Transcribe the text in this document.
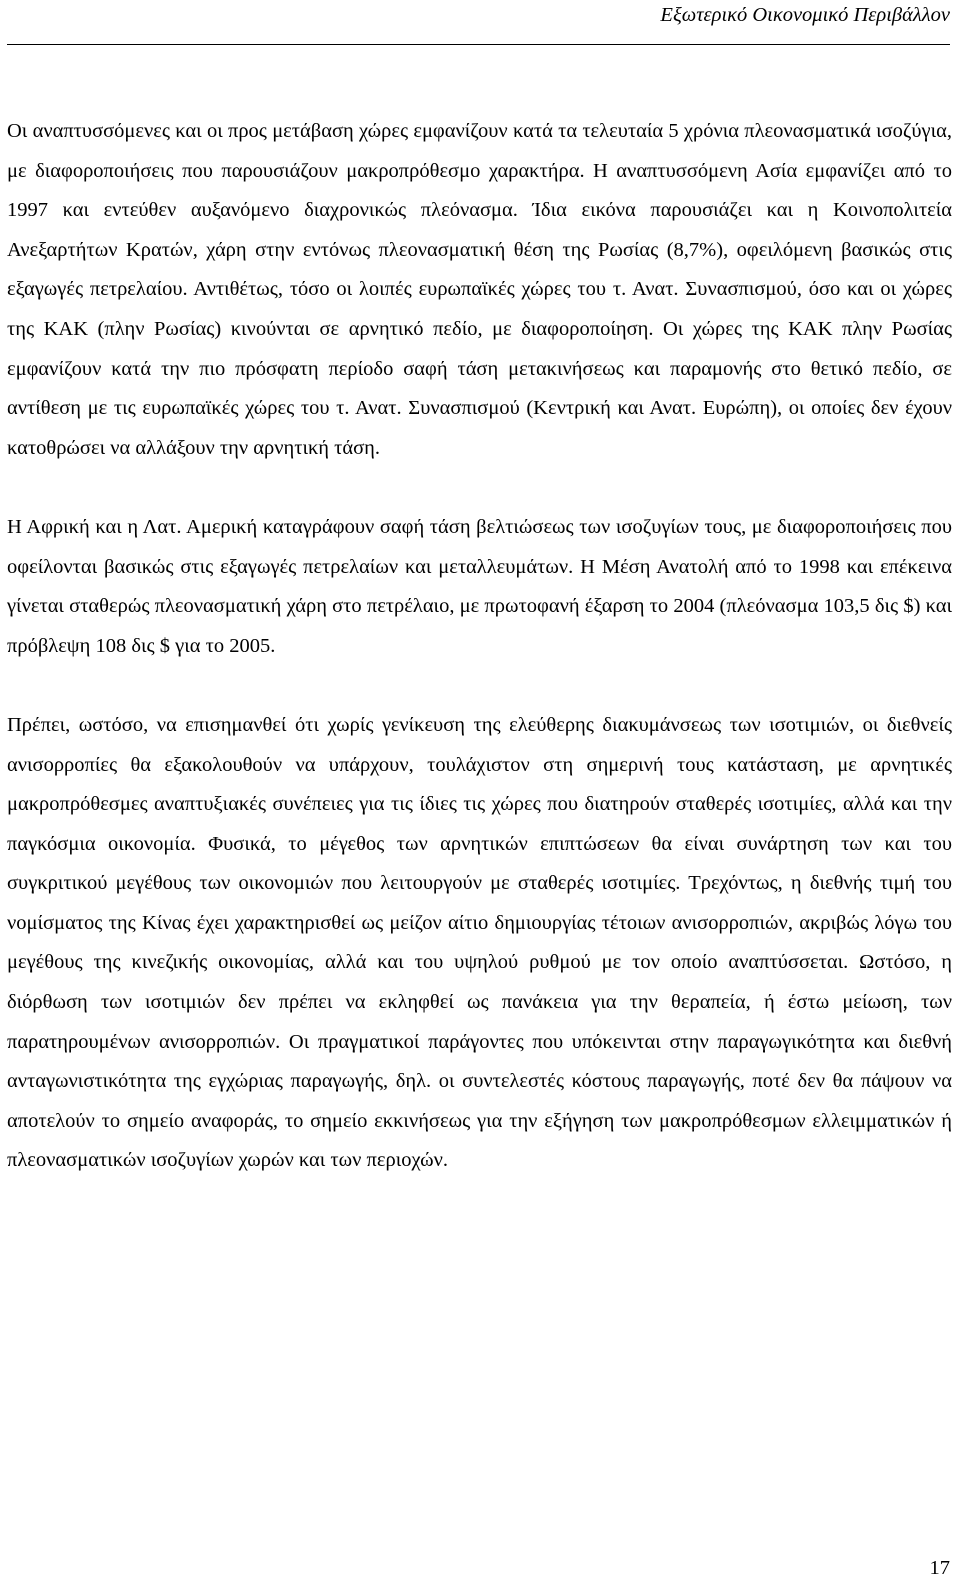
Εξωτερικό Οικονομικό Περιβάλλον

Οι αναπτυσσόμενες και οι προς μετάβαση χώρες εμφανίζουν κατά τα τελευταία 5 χρόνια πλεονασματικά ισοζύγια, με διαφοροποιήσεις που παρουσιάζουν μακροπρόθεσμο χαρακτήρα. Η αναπτυσσόμενη Ασία εμφανίζει από το 1997 και εντεύθεν αυξανόμενο διαχρονικώς πλεόνασμα. Ίδια εικόνα παρουσιάζει και η Κοινοπολιτεία Ανεξαρτήτων Κρατών, χάρη στην εντόνως πλεονασματική θέση της Ρωσίας (8,7%), οφειλόμενη βασικώς στις εξαγωγές πετρελαίου. Αντιθέτως, τόσο οι λοιπές ευρωπαϊκές χώρες του τ. Ανατ. Συνασπισμού, όσο και οι χώρες της ΚΑΚ (πλην Ρωσίας) κινούνται σε αρνητικό πεδίο, με διαφοροποίηση. Οι χώρες της ΚΑΚ πλην Ρωσίας εμφανίζουν κατά την πιο πρόσφατη περίοδο σαφή τάση μετακινήσεως και παραμονής στο θετικό πεδίο, σε αντίθεση με τις ευρωπαϊκές χώρες του τ. Ανατ. Συνασπισμού (Κεντρική και Ανατ. Ευρώπη), οι οποίες δεν έχουν κατοθρώσει να αλλάξουν την αρνητική τάση.

Η Αφρική και η Λατ. Αμερική καταγράφουν σαφή τάση βελτιώσεως των ισοζυγίων τους, με διαφοροποιήσεις που οφείλονται βασικώς στις εξαγωγές πετρελαίων και μεταλλευμάτων. Η Μέση Ανατολή από το 1998 και επέκεινα γίνεται σταθερώς πλεονασματική χάρη στο πετρέλαιο, με πρωτοφανή έξαρση το 2004 (πλεόνασμα 103,5 δις $) και πρόβλεψη 108 δις $ για το 2005.

Πρέπει, ωστόσο, να επισημανθεί ότι χωρίς γενίκευση της ελεύθερης διακυμάνσεως των ισοτιμιών, οι διεθνείς ανισορροπίες θα εξακολουθούν να υπάρχουν, τουλάχιστον στη σημερινή τους κατάσταση, με αρνητικές μακροπρόθεσμες αναπτυξιακές συνέπειες για τις ίδιες τις χώρες που διατηρούν σταθερές ισοτιμίες, αλλά και την παγκόσμια οικονομία. Φυσικά, το μέγεθος των αρνητικών επιπτώσεων θα είναι συνάρτηση των και του συγκριτικού μεγέθους των οικονομιών που λειτουργούν με σταθερές ισοτιμίες. Τρεχόντως, η διεθνής τιμή του νομίσματος της Κίνας έχει χαρακτηρισθεί ως μείζον αίτιο δημιουργίας τέτοιων ανισορροπιών, ακριβώς λόγω του μεγέθους της κινεζικής οικονομίας, αλλά και του υψηλού ρυθμού με τον οποίο αναπτύσσεται. Ωστόσο, η διόρθωση των ισοτιμιών δεν πρέπει να εκληφθεί ως πανάκεια για την θεραπεία, ή έστω μείωση, των παρατηρουμένων ανισορροπιών. Οι πραγματικοί παράγοντες που υπόκεινται στην παραγωγικότητα και διεθνή ανταγωνιστικότητα της εγχώριας παραγωγής, δηλ. οι συντελεστές κόστους παραγωγής, ποτέ δεν θα πάψουν να αποτελούν το σημείο αναφοράς, το σημείο εκκινήσεως για την εξήγηση των μακροπρόθεσμων ελλειμματικών ή πλεονασματικών ισοζυγίων χωρών και των περιοχών.

17
